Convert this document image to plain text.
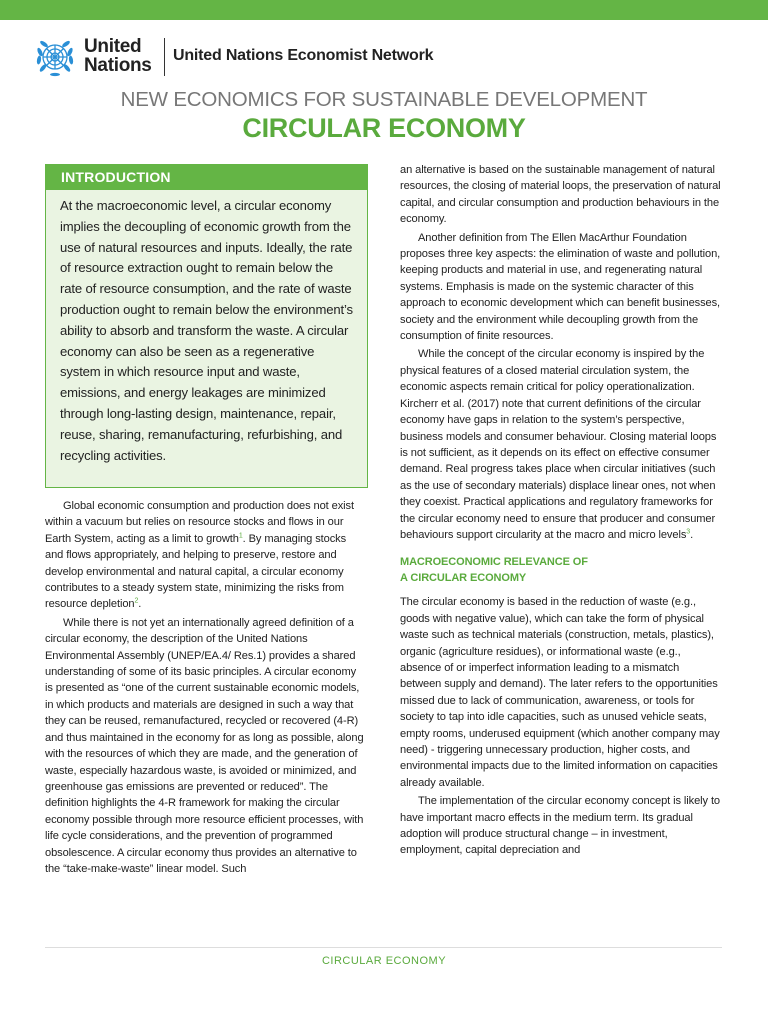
United
Nations United Nations Economist Network
NEW ECONOMICS FOR SUSTAINABLE DEVELOPMENT
CIRCULAR ECONOMY
INTRODUCTION
At the macroeconomic level, a circular economy implies the decoupling of economic growth from the use of natural resources and inputs. Ideally, the rate of resource extraction ought to remain below the rate of resource consumption, and the rate of waste production ought to remain below the environment’s ability to absorb and transform the waste. A circular economy can also be seen as a regenerative system in which resource input and waste, emissions, and energy leakages are minimized through long-lasting design, maintenance, repair, reuse, sharing, remanufacturing, refurbishing, and recycling activities.

Global economic consumption and production does not exist within a vacuum but relies on resource stocks and flows in our Earth System, acting as a limit to growth$^1$. By managing stocks and flows appropriately, and helping to preserve, restore and develop environmental and natural capital, a circular economy contributes to a steady system state, minimizing the risks from resource depletion$^2$.

While there is not yet an internationally agreed definition of a circular economy, the description of the United Nations Environmental Assembly (UNEP/EA.4/ Res.1) provides a shared understanding of some of its basic principles. A circular economy is presented as “one of the current sustainable economic models, in which products and materials are designed in such a way that they can be reused, remanufactured, recycled or recovered (4-R) and thus maintained in the economy for as long as possible, along with the resources of which they are made, and the generation of waste, especially hazardous waste, is avoided or minimized, and greenhouse gas emissions are prevented or reduced”. The definition highlights the 4-R framework for making the circular economy possible through more resource efficient processes, with life cycle considerations, and the prevention of programmed obsolescence. A circular economy thus provides an alternative to the “take-make-waste” linear model. Such

an alternative is based on the sustainable management of natural resources, the closing of material loops, the preservation of natural capital, and circular consumption and production behaviours in the economy.

Another definition from The Ellen MacArthur Foundation proposes three key aspects: the elimination of waste and pollution, keeping products and material in use, and regenerating natural systems. Emphasis is made on the systemic character of this approach to economic development which can benefit businesses, society and the environment while decoupling growth from the consumption of finite resources.

While the concept of the circular economy is inspired by the physical features of a closed material circulation system, the economic aspects remain critical for policy operationalization. Kircherr et al. (2017) note that current definitions of the circular economy have gaps in relation to the system’s perspective, business models and consumer behaviour. Closing material loops is not sufficient, as it depends on its effect on effective consumer demand. Real progress takes place when circular initiatives (such as the use of secondary materials) displace linear ones, not when they coexist. Practical applications and regulatory frameworks for the circular economy need to ensure that producer and consumer behaviours support circularity at the macro and micro levels$^3$.

MACROECONOMIC RELEVANCE OF
A CIRCULAR ECONOMY

The circular economy is based in the reduction of waste (e.g., goods with negative value), which can take the form of physical waste such as technical materials (construction, metals, plastics), organic (agriculture residues), or informational waste (e.g., absence of or imperfect information leading to a mismatch between supply and demand). The later refers to the opportunities missed due to lack of communication, awareness, or tools for society to tap into idle capacities, such as unused vehicle seats, empty rooms, underused equipment (which another company may need) - triggering unnecessary production, higher costs, and environmental impacts due to the limited information on capacities already available.

The implementation of the circular economy concept is likely to have important macro effects in the medium term. Its gradual adoption will produce structural change – in investment, employment, capital depreciation and

CIRCULAR ECONOMY
